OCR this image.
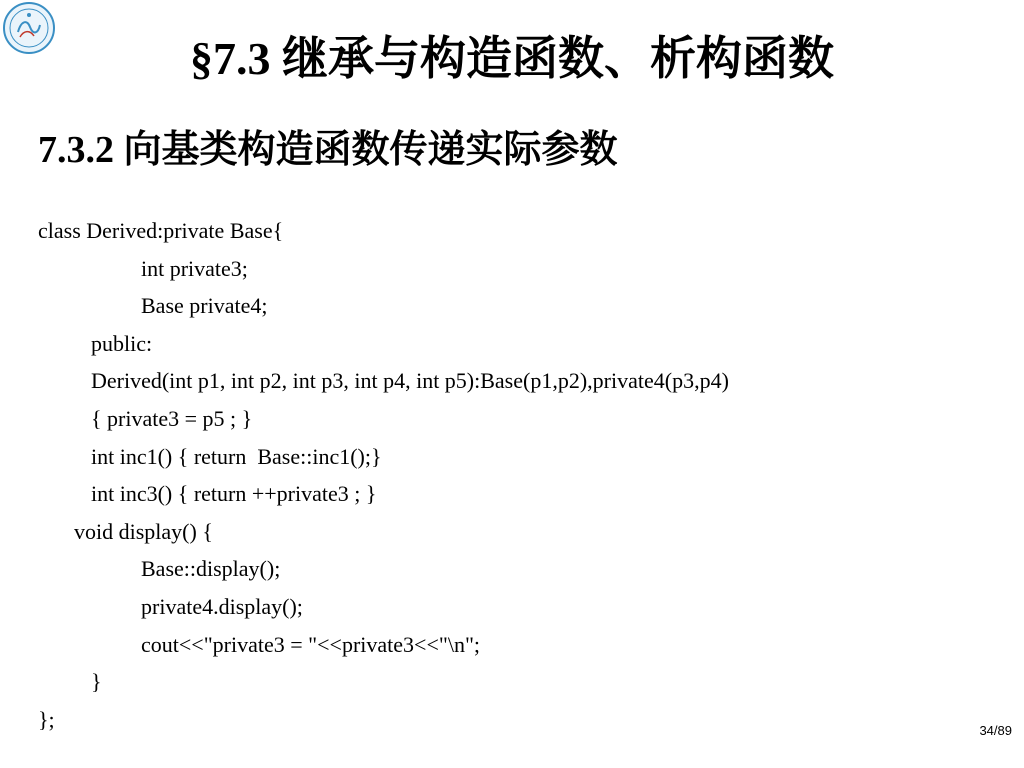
§7.3 继承与构造函数、析构函数
7.3.2 向基类构造函数传递实际参数
class Derived:private Base{
int private3;
Base private4;
public:
Derived(int p1, int p2, int p3, int p4, int p5):Base(p1,p2),private4(p3,p4)
{ private3 = p5 ; }
int inc1() { return  Base::inc1();}
int inc3() { return ++private3 ; }
void display() {
Base::display();
private4.display();
cout<<"private3 = "<<private3<<"\n";
}
};	34/89
